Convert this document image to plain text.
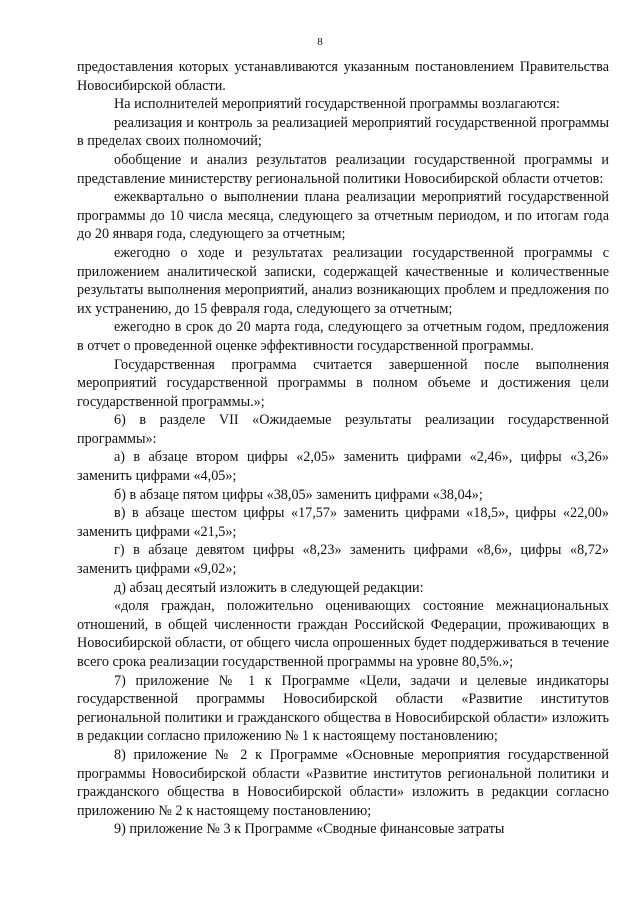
8

предоставления которых устанавливаются указанным постановлением Правительства Новосибирской области.

На исполнителей мероприятий государственной программы возлагаются:

реализация и контроль за реализацией мероприятий государственной программы в пределах своих полномочий;

обобщение и анализ результатов реализации государственной программы и представление министерству региональной политики Новосибирской области отчетов:

ежеквартально о выполнении плана реализации мероприятий государственной программы до 10 числа месяца, следующего за отчетным периодом, и по итогам года до 20 января года, следующего за отчетным;

ежегодно о ходе и результатах реализации государственной программы с приложением аналитической записки, содержащей качественные и количественные результаты выполнения мероприятий, анализ возникающих проблем и предложения по их устранению, до 15 февраля года, следующего за отчетным;

ежегодно в срок до 20 марта года, следующего за отчетным годом, предложения в отчет о проведенной оценке эффективности государственной программы.

Государственная программа считается завершенной после выполнения мероприятий государственной программы в полном объеме и достижения цели государственной программы.»;

6) в разделе VII «Ожидаемые результаты реализации государственной программы»:

а) в абзаце втором цифры «2,05» заменить цифрами «2,46», цифры «3,26» заменить цифрами «4,05»;

б) в абзаце пятом цифры «38,05» заменить цифрами «38,04»;

в) в абзаце шестом цифры «17,57» заменить цифрами «18,5», цифры «22,00» заменить цифрами «21,5»;

г) в абзаце девятом цифры «8,23» заменить цифрами «8,6», цифры «8,72» заменить цифрами «9,02»;

д) абзац десятый изложить в следующей редакции:

«доля граждан, положительно оценивающих состояние межнациональных отношений, в общей численности граждан Российской Федерации, проживающих в Новосибирской области, от общего числа опрошенных будет поддерживаться в течение всего срока реализации государственной программы на уровне 80,5%.»;

7) приложение № 1 к Программе «Цели, задачи и целевые индикаторы государственной программы Новосибирской области «Развитие институтов региональной политики и гражданского общества в Новосибирской области» изложить в редакции согласно приложению № 1 к настоящему постановлению;

8) приложение № 2 к Программе «Основные мероприятия государственной программы Новосибирской области «Развитие институтов региональной политики и гражданского общества в Новосибирской области» изложить в редакции согласно приложению № 2 к настоящему постановлению;

9) приложение № 3 к Программе «Сводные финансовые затраты
